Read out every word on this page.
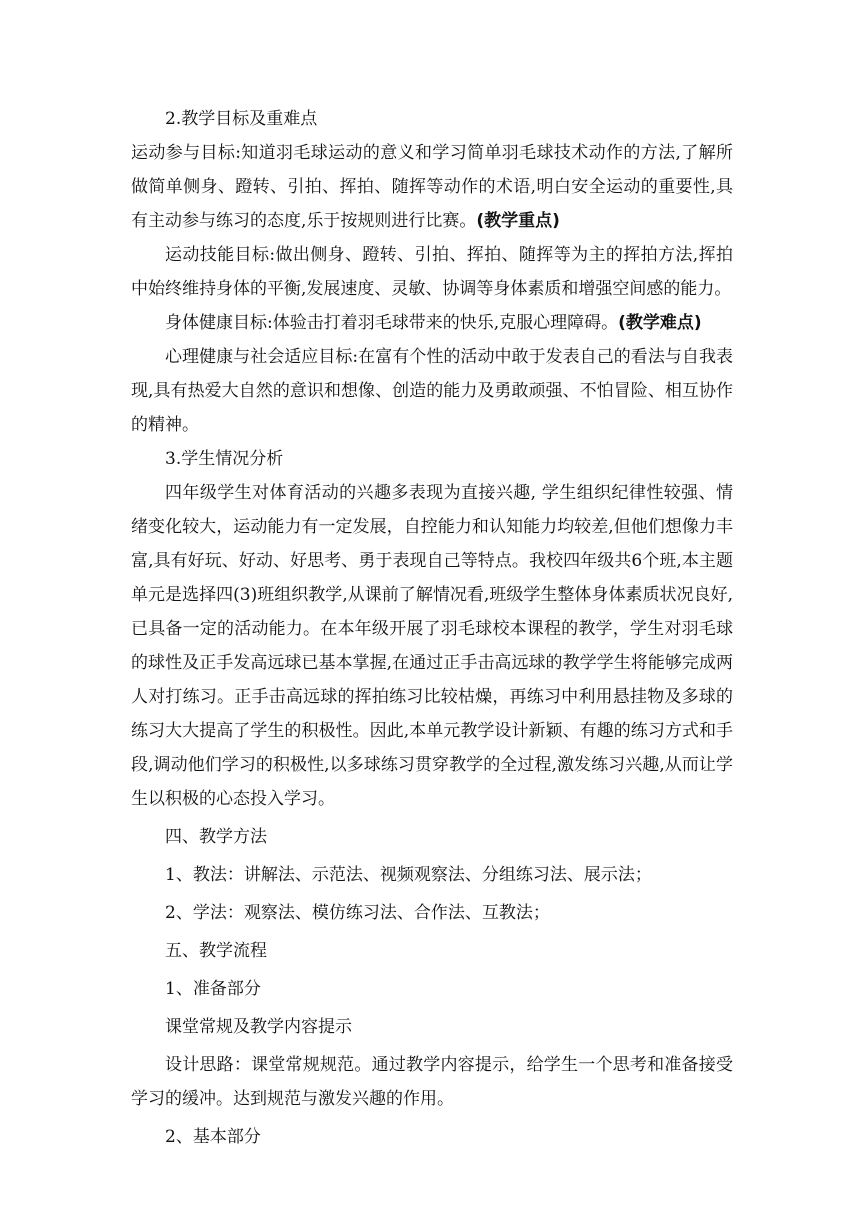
2.教学目标及重难点

运动参与目标:知道羽毛球运动的意义和学习简单羽毛球技术动作的方法,了解所做简单侧身、蹬转、引拍、挥拍、随挥等动作的术语,明白安全运动的重要性,具有主动参与练习的态度,乐于按规则进行比赛。(教学重点)

运动技能目标:做出侧身、蹬转、引拍、挥拍、随挥等为主的挥拍方法,挥拍中始终维持身体的平衡,发展速度、灵敏、协调等身体素质和增强空间感的能力。

身体健康目标:体验击打着羽毛球带来的快乐,克服心理障碍。(教学难点)

心理健康与社会适应目标:在富有个性的活动中敢于发表自己的看法与自我表现,具有热爱大自然的意识和想像、创造的能力及勇敢顽强、不怕冒险、相互协作的精神。

3.学生情况分析

四年级学生对体育活动的兴趣多表现为直接兴趣, 学生组织纪律性较强、情绪变化较大，运动能力有一定发展，自控能力和认知能力均较差,但他们想像力丰富,具有好玩、好动、好思考、勇于表现自己等特点。我校四年级共6个班,本主题单元是选择四(3)班组织教学,从课前了解情况看,班级学生整体身体素质状况良好,已具备一定的活动能力。在本年级开展了羽毛球校本课程的教学，学生对羽毛球的球性及正手发高远球已基本掌握,在通过正手击高远球的教学学生将能够完成两人对打练习。正手击高远球的挥拍练习比较枯燥，再练习中利用悬挂物及多球的练习大大提高了学生的积极性。因此,本单元教学设计新颖、有趣的练习方式和手段,调动他们学习的积极性,以多球练习贯穿教学的全过程,激发练习兴趣,从而让学生以积极的心态投入学习。

四、教学方法

1、教法：讲解法、示范法、视频观察法、分组练习法、展示法；

2、学法：观察法、模仿练习法、合作法、互教法；

五、教学流程

1、准备部分

课堂常规及教学内容提示

设计思路：课堂常规规范。通过教学内容提示，给学生一个思考和准备接受学习的缓冲。达到规范与激发兴趣的作用。

2、基本部分
